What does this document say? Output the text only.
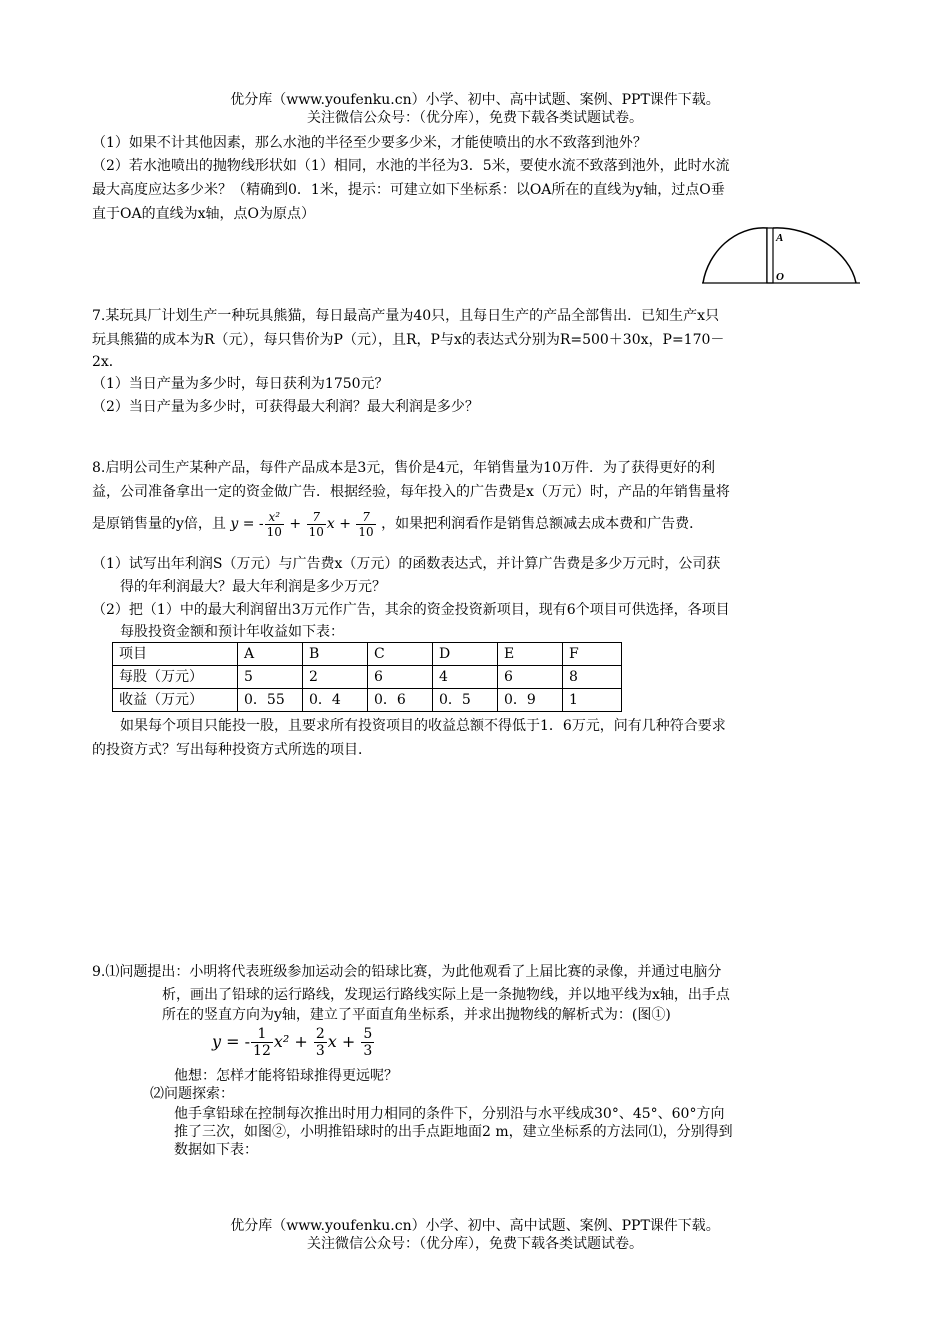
优分库（www.youfenku.cn）小学、初中、高中试题、案例、PPT课件下载。
关注微信公众号：（优分库），免费下载各类试题试卷。
（1）如果不计其他因素，那么水池的半径至少要多少米，才能使喷出的水不致落到池外？
（2）若水池喷出的抛物线形状如（1）相同，水池的半径为3．5米，要使水流不致落到池外，此时水流
最大高度应达多少米？（精确到0．1米，提示：可建立如下坐标系：以OA所在的直线为y轴，过点O垂
直于OA的直线为x轴，点O为原点）
A
O
7.某玩具厂计划生产一种玩具熊猫，每日最高产量为40只，且每日生产的产品全部售出．已知生产x只
玩具熊猫的成本为R（元），每只售价为P（元），且R，P与x的表达式分别为R=500＋30x，P=170－
2x．
（1）当日产量为多少时，每日获利为1750元？
（2）当日产量为多少时，可获得最大利润？最大利润是多少？
8.启明公司生产某种产品，每件产品成本是3元，售价是4元，年销售量为10万件．为了获得更好的利
益，公司准备拿出一定的资金做广告．根据经验，每年投入的广告费是x（万元）时，产品的年销售量将
是原销售量的y倍，且 y = - $\frac{\text{x²}}{10} + \frac{7}{10}$ $x + \frac{7}{10}$ ，如果把利润看作是销售总额减去成本费和广告费．
（1）试写出年利润S（万元）与广告费x（万元）的函数表达式，并计算广告费是多少万元时，公司获
得的年利润最大？最大年利润是多少万元？
（2）把（1）中的最大利润留出3万元作广告，其余的资金投资新项目，现有6个项目可供选择，各项目
每股投资金额和预计年收益如下表：
项目	A	B	C	D	E	F
每股（万元）	5	2	6	4	6	8
收益（万元）	0．55	0．4	0．6	0．5	0．9	1
如果每个项目只能投一股，且要求所有投资项目的收益总额不得低于1．6万元，问有几种符合要求
的投资方式？写出每种投资方式所选的项目．
9.⑴问题提出：小明将代表班级参加运动会的铅球比赛，为此他观看了上届比赛的录像，并通过电脑分
析，画出了铅球的运行路线，发现运行路线实际上是一条抛物线，并以地平线为x轴，出手点
所在的竖直方向为y轴，建立了平面直角坐标系，并求出抛物线的解析式为：(图①)
y = - $\frac{1}{12} x^2 + \frac{2}{3}$ $x + \frac{5}{3}$
他想：怎样才能将铅球推得更远呢？
⑵问题探索：
他手拿铅球在控制每次推出时用力相同的条件下，分别沿与水平线成30°、45°、60°方向
推了三次，如图②，小明推铅球时的出手点距地面2 m，建立坐标系的方法同⑴，分别得到
数据如下表：
优分库（www.youfenku.cn）小学、初中、高中试题、案例、PPT课件下载。
关注微信公众号：（优分库），免费下载各类试题试卷。
